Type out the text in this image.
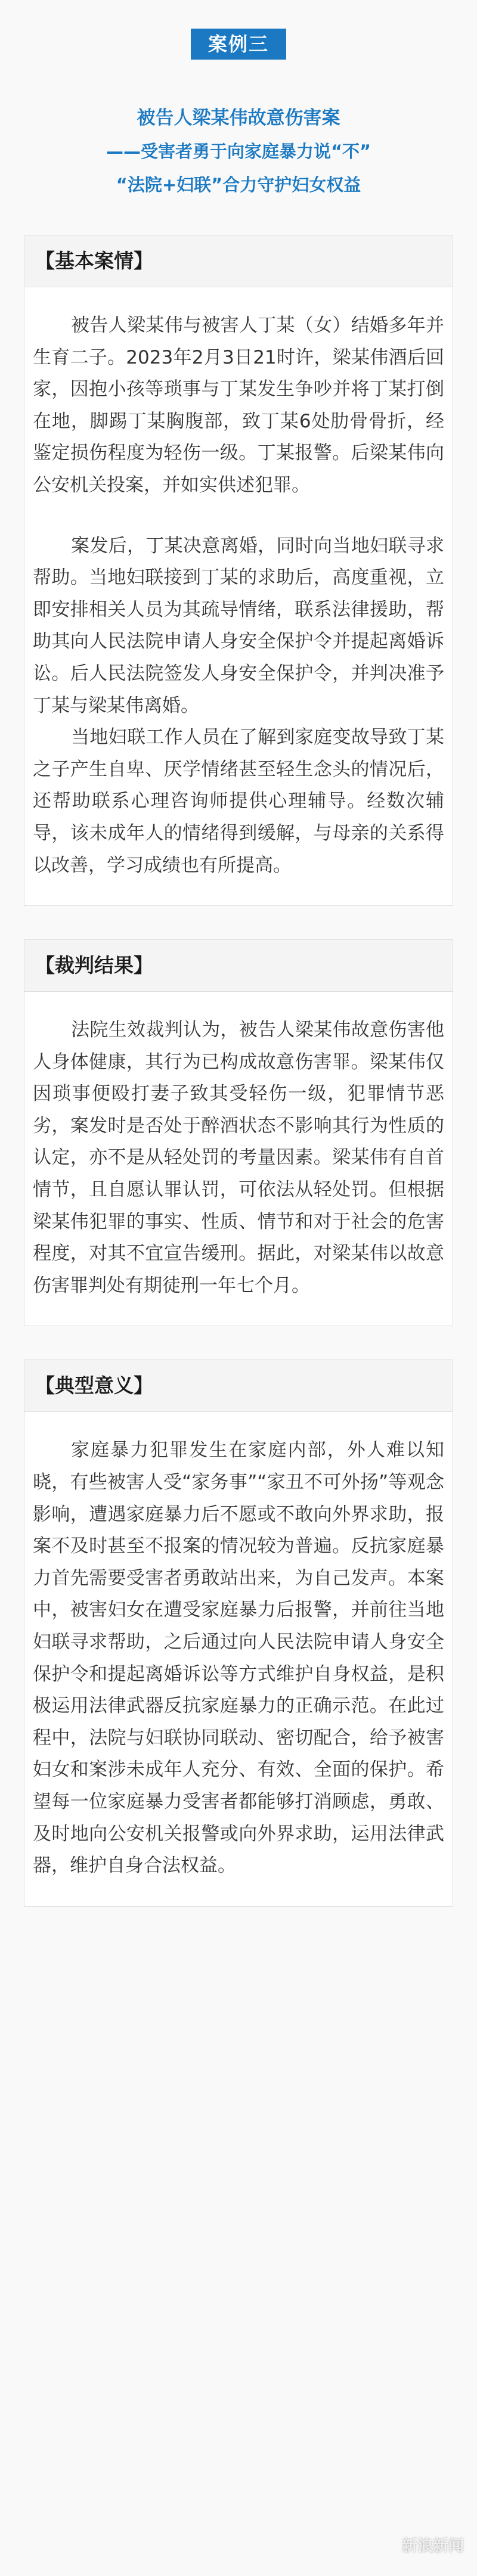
案例三
被告人梁某伟故意伤害案
——受害者勇于向家庭暴力说“不”
“法院+妇联”合力守护妇女权益
【基本案情】

被告人梁某伟与被害人丁某（女）结婚多年并生育二子。2023年2月3日21时许，梁某伟酒后回家，因抱小孩等琐事与丁某发生争吵并将丁某打倒在地，脚踢丁某胸腹部，致丁某6处肋骨骨折，经鉴定损伤程度为轻伤一级。丁某报警。后梁某伟向公安机关投案，并如实供述犯罪。

案发后，丁某决意离婚，同时向当地妇联寻求帮助。当地妇联接到丁某的求助后，高度重视，立即安排相关人员为其疏导情绪，联系法律援助，帮助其向人民法院申请人身安全保护令并提起离婚诉讼。后人民法院签发人身安全保护令，并判决准予丁某与梁某伟离婚。

当地妇联工作人员在了解到家庭变故导致丁某之子产生自卑、厌学情绪甚至轻生念头的情况后，还帮助联系心理咨询师提供心理辅导。经数次辅导，该未成年人的情绪得到缓解，与母亲的关系得以改善，学习成绩也有所提高。

【裁判结果】

法院生效裁判认为，被告人梁某伟故意伤害他人身体健康，其行为已构成故意伤害罪。梁某伟仅因琐事便殴打妻子致其受轻伤一级，犯罪情节恶劣，案发时是否处于醉酒状态不影响其行为性质的认定，亦不是从轻处罚的考量因素。梁某伟有自首情节，且自愿认罪认罚，可依法从轻处罚。但根据梁某伟犯罪的事实、性质、情节和对于社会的危害程度，对其不宜宣告缓刑。据此，对梁某伟以故意伤害罪判处有期徒刑一年七个月。

【典型意义】

家庭暴力犯罪发生在家庭内部，外人难以知晓，有些被害人受“家务事”“家丑不可外扬”等观念影响，遭遇家庭暴力后不愿或不敢向外界求助，报案不及时甚至不报案的情况较为普遍。反抗家庭暴力首先需要受害者勇敢站出来，为自己发声。本案中，被害妇女在遭受家庭暴力后报警，并前往当地妇联寻求帮助，之后通过向人民法院申请人身安全保护令和提起离婚诉讼等方式维护自身权益，是积极运用法律武器反抗家庭暴力的正确示范。在此过程中，法院与妇联协同联动、密切配合，给予被害妇女和案涉未成年人充分、有效、全面的保护。希望每一位家庭暴力受害者都能够打消顾虑，勇敢、及时地向公安机关报警或向外界求助，运用法律武器，维护自身合法权益。

新浪新闻
